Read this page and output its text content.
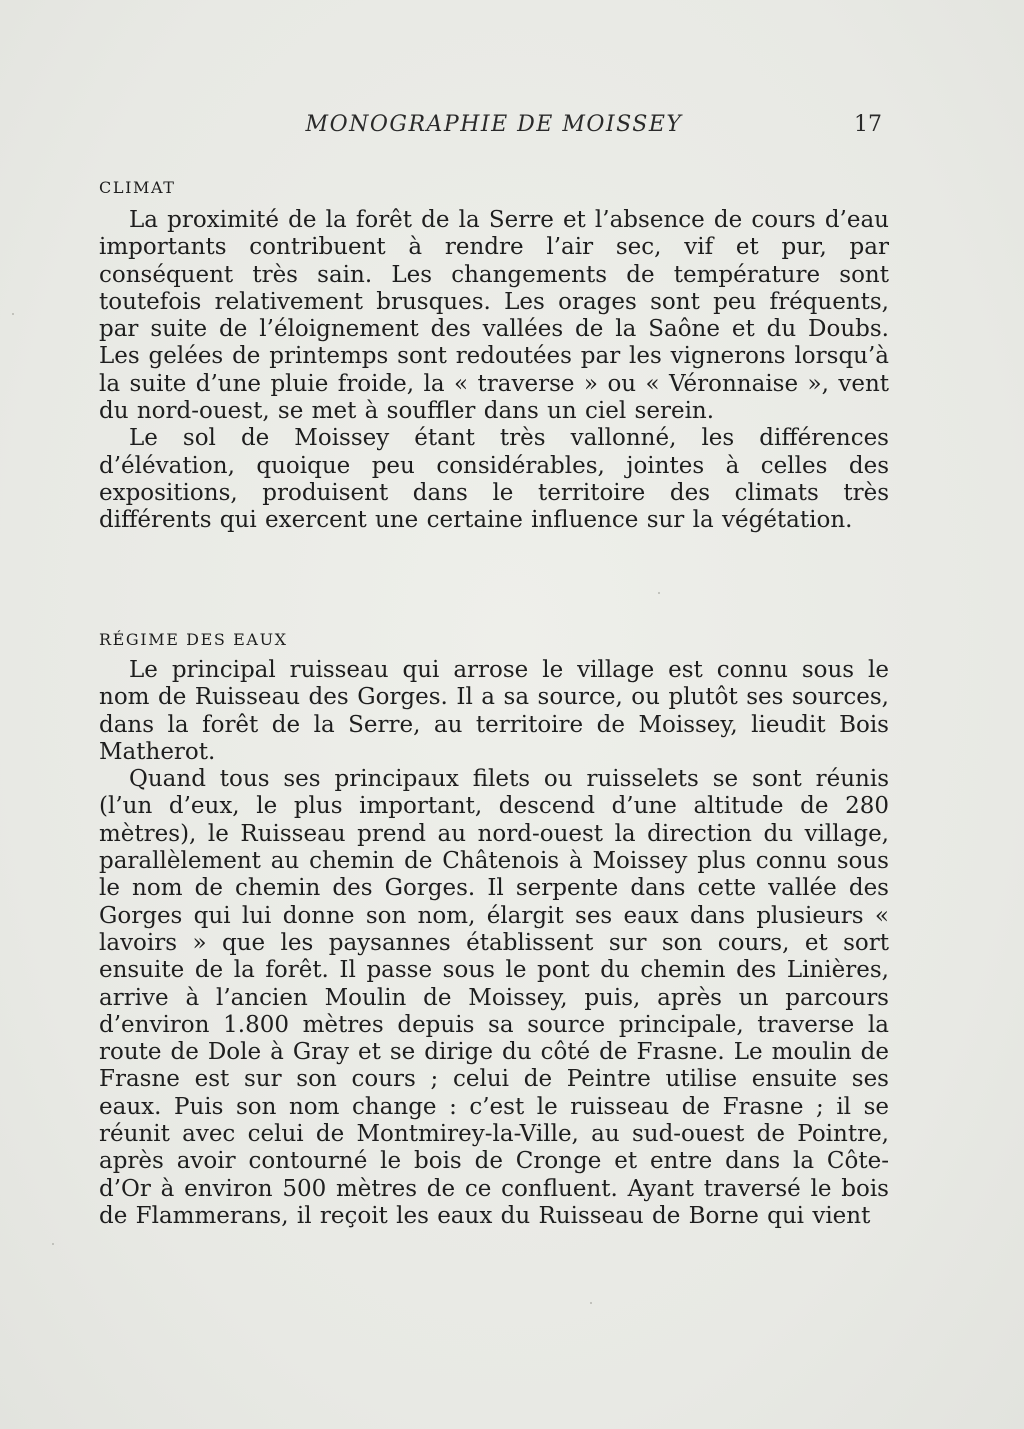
MONOGRAPHIE DE MOISSEY	17
CLIMAT

La proximité de la forêt de la Serre et l’absence de cours d’eau importants contribuent à rendre l’air sec, vif et pur, par conséquent très sain. Les changements de température sont toutefois relativement brusques. Les orages sont peu fréquents, par suite de l’éloignement des vallées de la Saône et du Doubs. Les gelées de printemps sont redoutées par les vignerons lorsqu’à la suite d’une pluie froide, la « traverse » ou « Véronnaise », vent du nord-ouest, se met à souffler dans un ciel serein.

Le sol de Moissey étant très vallonné, les différences d’élévation, quoique peu considérables, jointes à celles des expositions, produisent dans le territoire des climats très différents qui exercent une certaine influence sur la végétation.

RÉGIME DES EAUX

Le principal ruisseau qui arrose le village est connu sous le nom de Ruisseau des Gorges. Il a sa source, ou plutôt ses sources, dans la forêt de la Serre, au territoire de Moissey, lieudit Bois Matherot.

Quand tous ses principaux filets ou ruisselets se sont réunis (l’un d’eux, le plus important, descend d’une altitude de 280 mètres), le Ruisseau prend au nord-ouest la direction du village, parallèlement au chemin de Châtenois à Moissey plus connu sous le nom de chemin des Gorges. Il serpente dans cette vallée des Gorges qui lui donne son nom, élargit ses eaux dans plusieurs « lavoirs » que les paysannes établissent sur son cours, et sort ensuite de la forêt. Il passe sous le pont du chemin des Linières, arrive à l’ancien Moulin de Moissey, puis, après un parcours d’environ 1.800 mètres depuis sa source principale, traverse la route de Dole à Gray et se dirige du côté de Frasne. Le moulin de Frasne est sur son cours ; celui de Peintre utilise ensuite ses eaux. Puis son nom change : c’est le ruisseau de Frasne ; il se réunit avec celui de Montmirey-la-Ville, au sud-ouest de Pointre, après avoir contourné le bois de Cronge et entre dans la Côte-d’Or à environ 500 mètres de ce confluent. Ayant traversé le bois de Flammerans, il reçoit les eaux du Ruisseau de Borne qui vient
